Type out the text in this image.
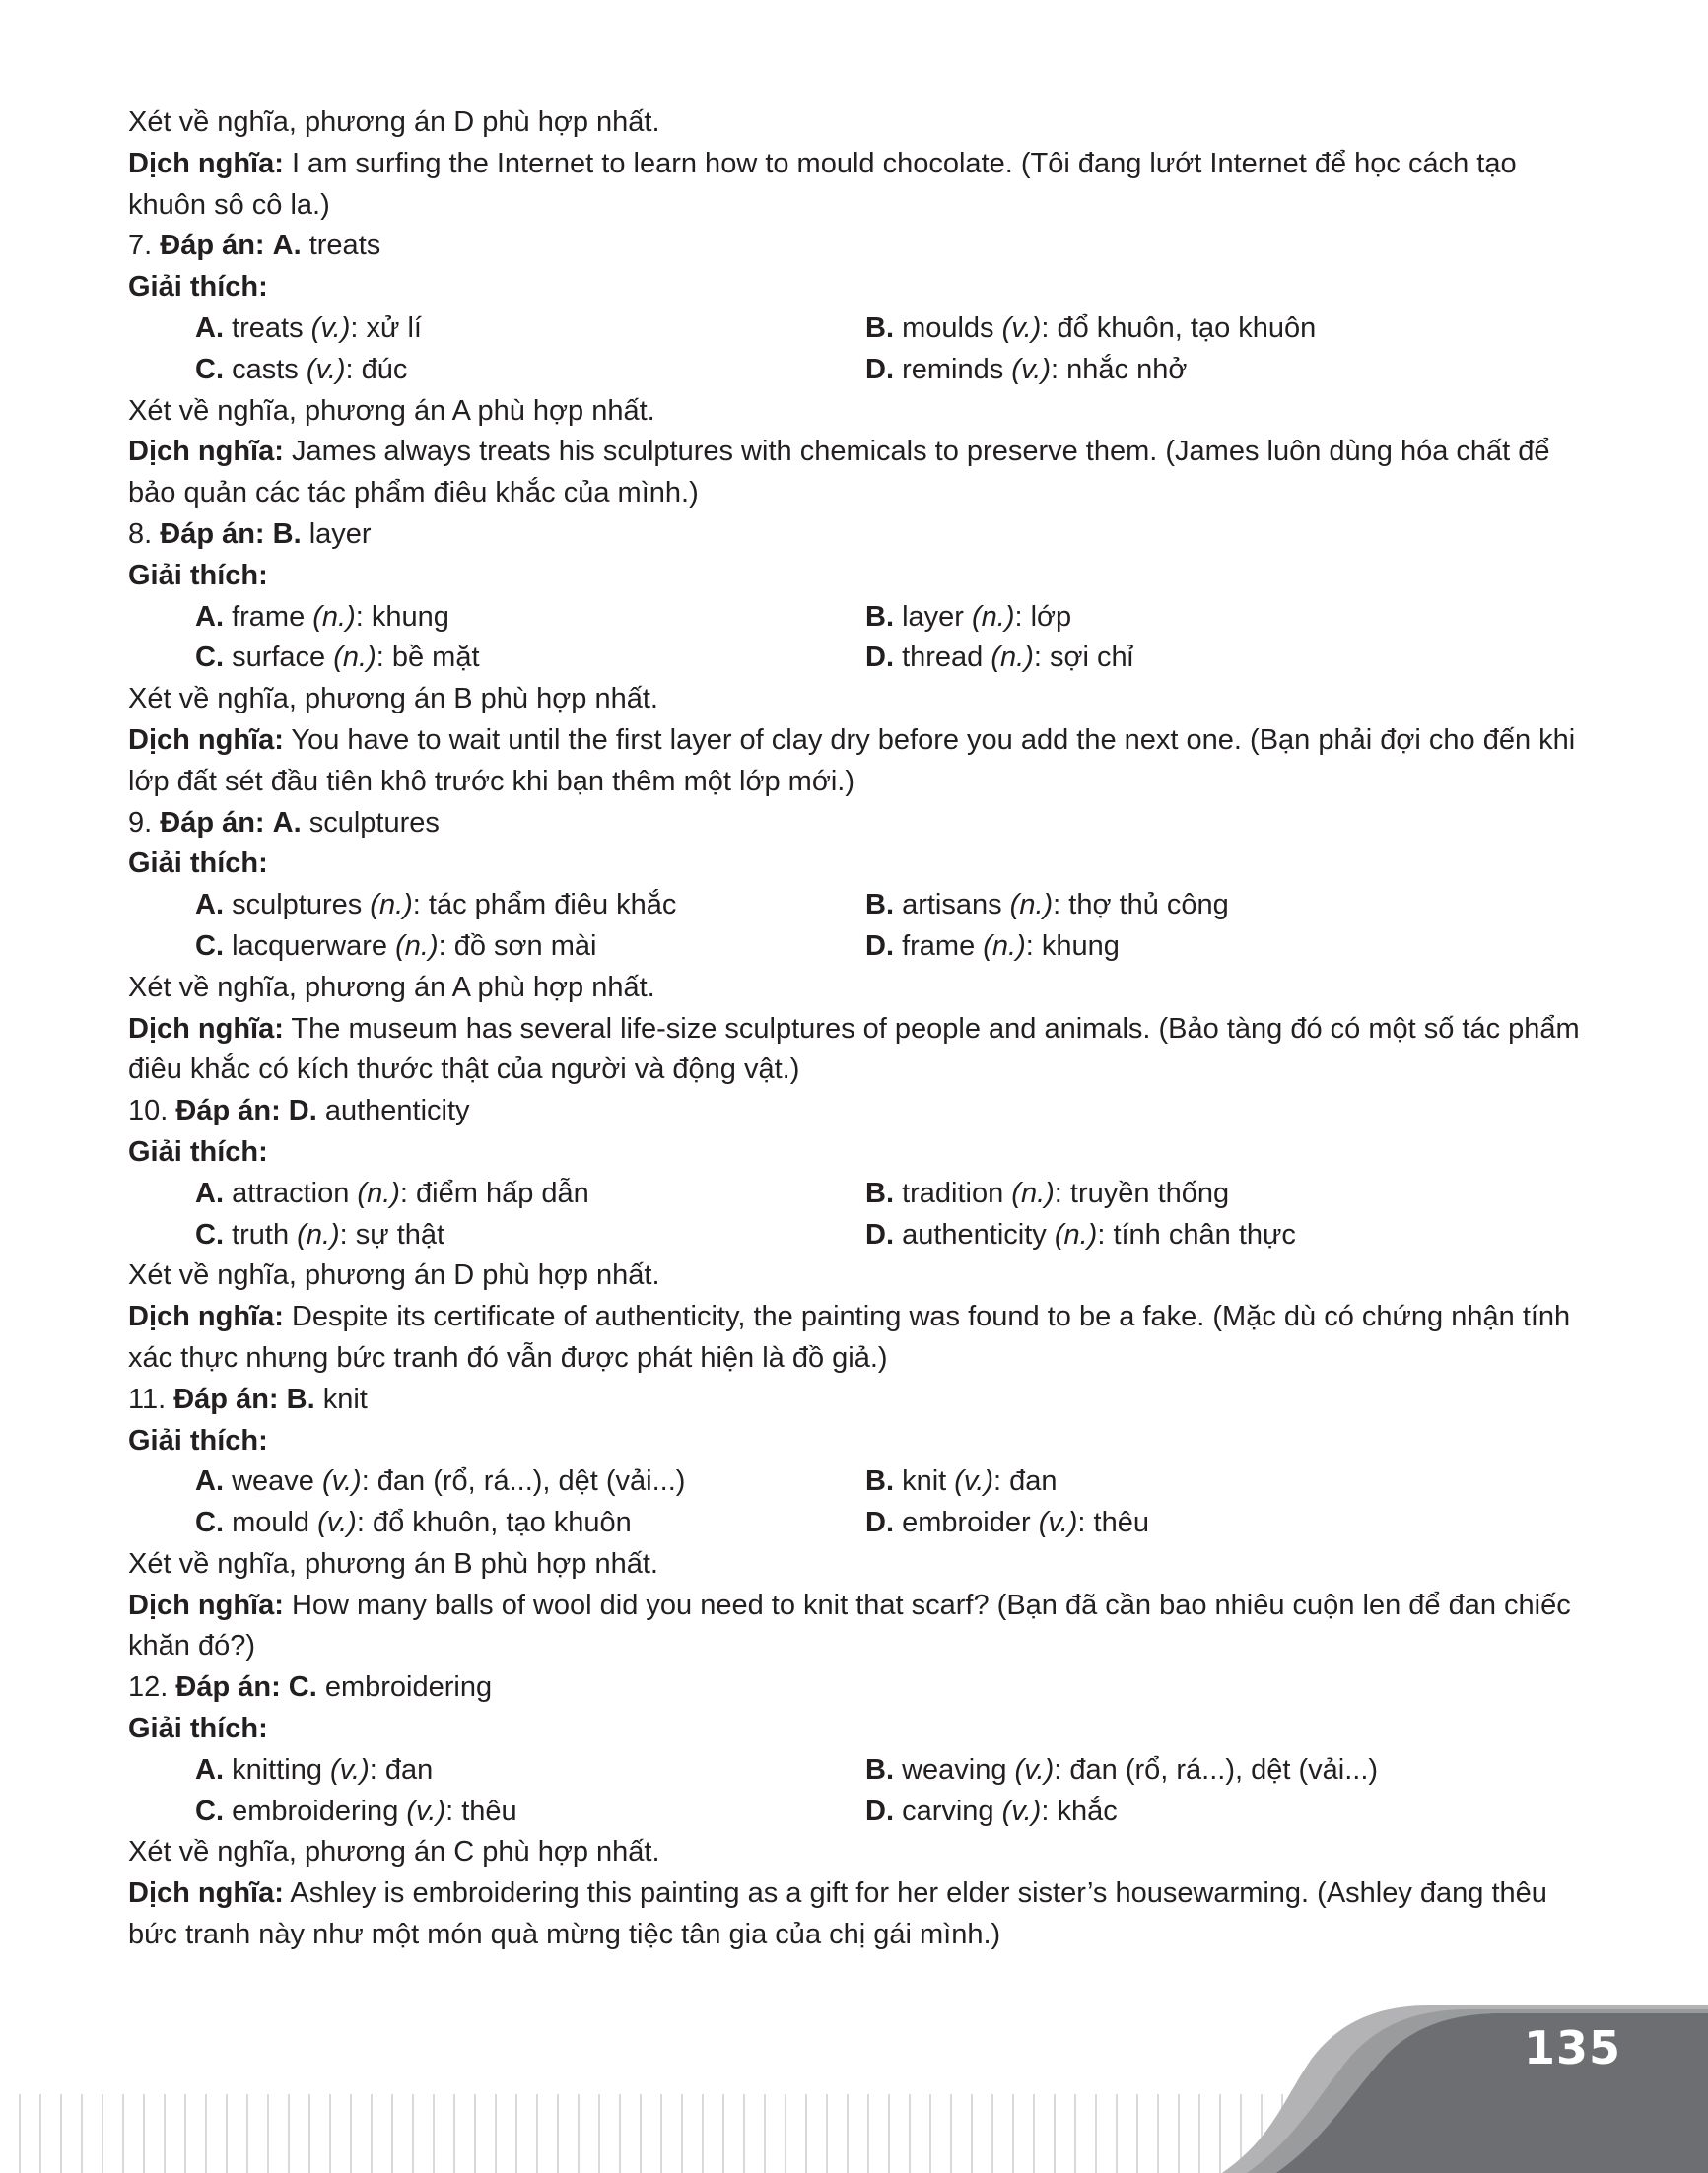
Xét về nghĩa, phương án D phù hợp nhất.
Dịch nghĩa: I am surfing the Internet to learn how to mould chocolate. (Tôi đang lướt Internet để học cách tạo khuôn sô cô la.)
7. Đáp án: A. treats
Giải thích:
A. treats (v.): xử lí	B. moulds (v.): đổ khuôn, tạo khuôn
C. casts (v.): đúc	D. reminds (v.): nhắc nhở
Xét về nghĩa, phương án A phù hợp nhất.
Dịch nghĩa: James always treats his sculptures with chemicals to preserve them. (James luôn dùng hóa chất để bảo quản các tác phẩm điêu khắc của mình.)
8. Đáp án: B. layer
Giải thích:
A. frame (n.): khung	B. layer (n.): lớp
C. surface (n.): bề mặt	D. thread (n.): sợi chỉ
Xét về nghĩa, phương án B phù hợp nhất.
Dịch nghĩa: You have to wait until the first layer of clay dry before you add the next one. (Bạn phải đợi cho đến khi lớp đất sét đầu tiên khô trước khi bạn thêm một lớp mới.)
9. Đáp án: A. sculptures
Giải thích:
A. sculptures (n.): tác phẩm điêu khắc	B. artisans (n.): thợ thủ công
C. lacquerware (n.): đồ sơn mài	D. frame (n.): khung
Xét về nghĩa, phương án A phù hợp nhất.
Dịch nghĩa: The museum has several life-size sculptures of people and animals. (Bảo tàng đó có một số tác phẩm điêu khắc có kích thước thật của người và động vật.)
10. Đáp án: D. authenticity
Giải thích:
A. attraction (n.): điểm hấp dẫn	B. tradition (n.): truyền thống
C. truth (n.): sự thật	D. authenticity (n.): tính chân thực
Xét về nghĩa, phương án D phù hợp nhất.
Dịch nghĩa: Despite its certificate of authenticity, the painting was found to be a fake. (Mặc dù có chứng nhận tính xác thực nhưng bức tranh đó vẫn được phát hiện là đồ giả.)
11. Đáp án: B. knit
Giải thích:
A. weave (v.): đan (rổ, rá...), dệt (vải...)	B. knit (v.): đan
C. mould (v.): đổ khuôn, tạo khuôn	D. embroider (v.): thêu
Xét về nghĩa, phương án B phù hợp nhất.
Dịch nghĩa: How many balls of wool did you need to knit that scarf? (Bạn đã cần bao nhiêu cuộn len để đan chiếc khăn đó?)
12. Đáp án: C. embroidering
Giải thích:
A. knitting (v.): đan	B. weaving (v.): đan (rổ, rá...), dệt (vải...)
C. embroidering (v.): thêu	D. carving (v.): khắc
Xét về nghĩa, phương án C phù hợp nhất.
Dịch nghĩa: Ashley is embroidering this painting as a gift for her elder sister’s housewarming. (Ashley đang thêu bức tranh này như một món quà mừng tiệc tân gia của chị gái mình.)
135
